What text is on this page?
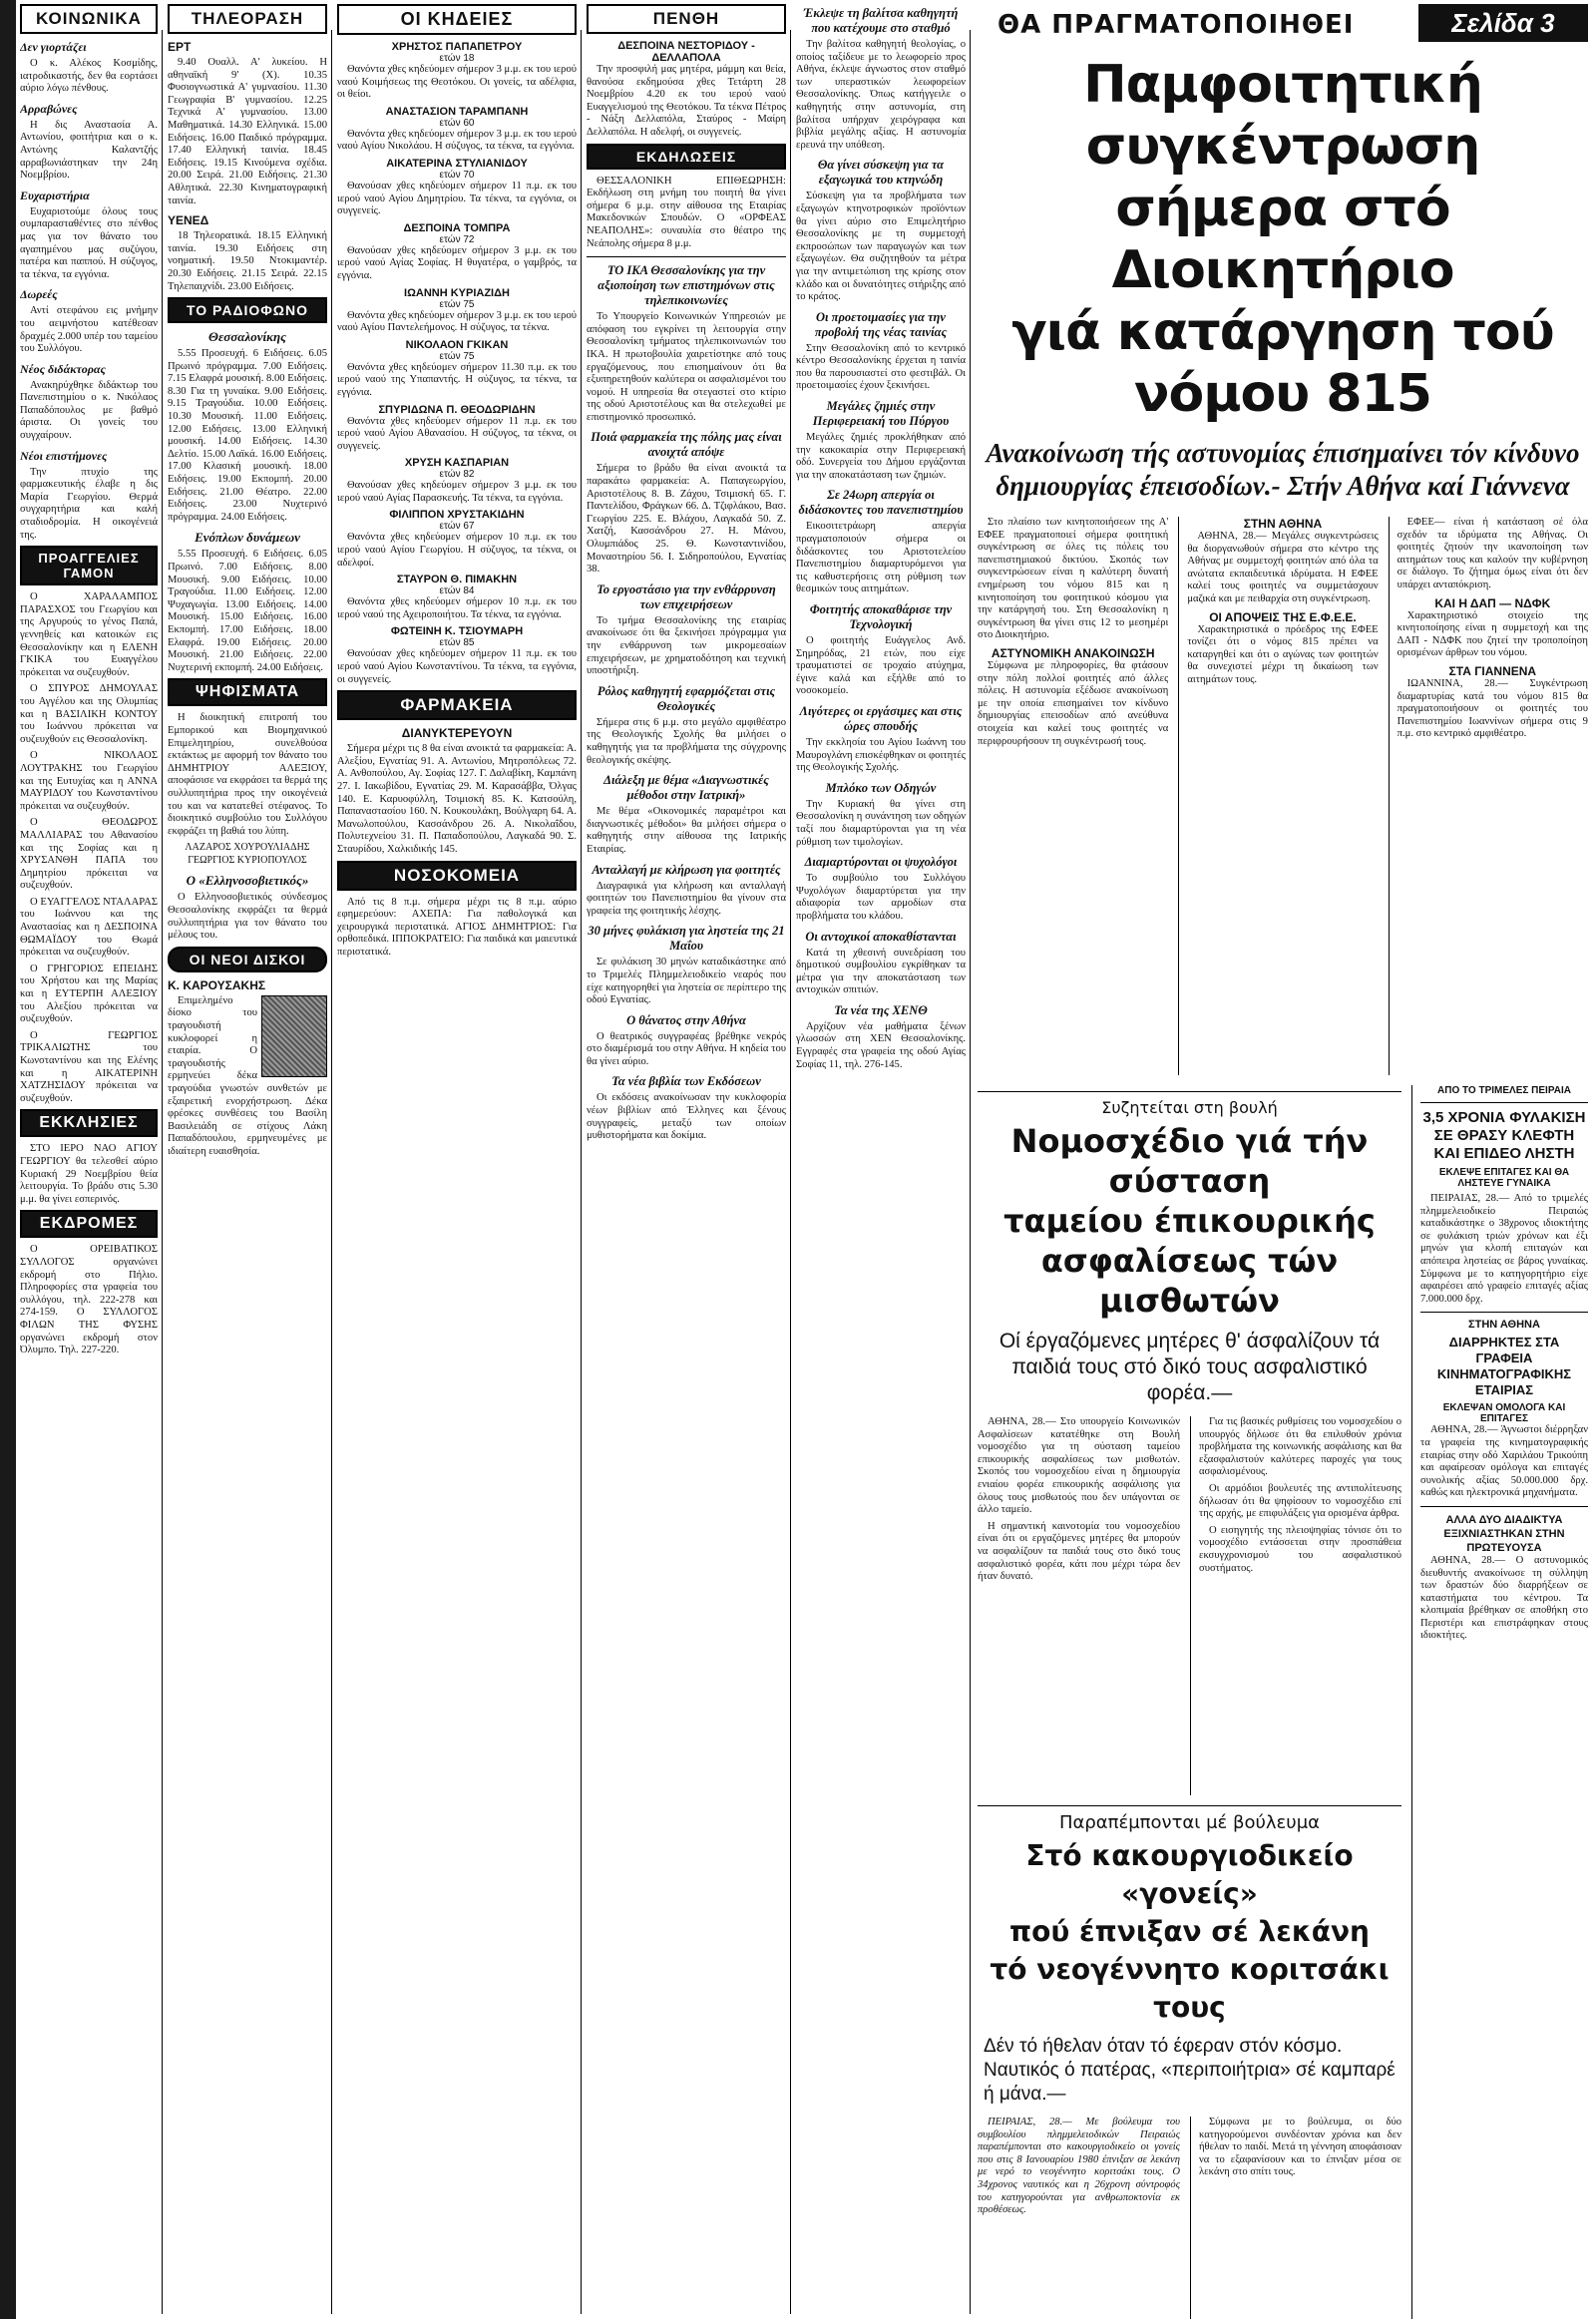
ΚΟΙΝΩΝΙΚΑ
Δεν γιορτάζει

Ο κ. Αλέκος Κοσμίδης, ιατροδικαστής, δεν θα εορτάσει αύριο λόγω πένθους.

Αρραβώνες

Η δις Αναστασία Α. Αντωνίου, φοιτήτρια και ο κ. Αντώνης Καλαντζής αρραβωνιάστηκαν την 24η Νοεμβρίου.

Ευχαριστήρια

Ευχαριστούμε όλους τους συμπαρασταθέντες στο πένθος μας για τον θάνατο του αγαπημένου μας συζύγου, πατέρα και παππού. Η σύζυγος, τα τέκνα, τα εγγόνια.

Δωρεές

Αντί στεφάνου εις μνήμην του αειμνήστου κατέθεσαν δραχμές 2.000 υπέρ του ταμείου του Συλλόγου.

Νέος διδάκτορας

Ανακηρύχθηκε διδάκτωρ του Πανεπιστημίου ο κ. Νικόλαος Παπαδόπουλος με βαθμό άριστα. Οι γονείς του συγχαίρουν.

Νέοι επιστήμονες

Την πτυχίο της φαρμακευτικής έλαβε η δις Μαρία Γεωργίου. Θερμά συγχαρητήρια και καλή σταδιοδρομία. Η οικογένειά της.

ΠΡΟΑΓΓΕΛΙΕΣ ΓΑΜΟΝ

Ο ΧΑΡΑΛΑΜΠΟΣ ΠΑΡΑΣΧΟΣ του Γεωργίου και της Αργυρούς το γένος Παπά, γεννηθείς και κατοικών εις Θεσσαλονίκην και η ΕΛΕΝΗ ΓΚΙΚΑ του Ευαγγέλου πρόκειται να συζευχθούν.

Ο ΣΠΥΡΟΣ ΔΗΜΟΥΛΑΣ του Αγγέλου και της Ολυμπίας και η ΒΑΣΙΛΙΚΗ ΚΟΝΤΟΥ του Ιωάννου πρόκειται να συζευχθούν εις Θεσσαλονίκη.

Ο ΝΙΚΟΛΑΟΣ ΛΟΥΤΡΑΚΗΣ του Γεωργίου και της Ευτυχίας και η ΑΝΝΑ ΜΑΥΡΙΔΟΥ του Κωνσταντίνου πρόκειται να συζευχθούν.

Ο ΘΕΟΔΩΡΟΣ ΜΑΛΛΙΑΡΑΣ του Αθανασίου και της Σοφίας και η ΧΡΥΣΑΝΘΗ ΠΑΠΑ του Δημητρίου πρόκειται να συζευχθούν.

Ο ΕΥΑΓΓΕΛΟΣ ΝΤΑΛΑΡΑΣ του Ιωάννου και της Αναστασίας και η ΔΕΣΠΟΙΝΑ ΘΩΜΑΪΔΟΥ του Θωμά πρόκειται να συζευχθούν.

Ο ΓΡΗΓΟΡΙΟΣ ΕΠΕΙΔΗΣ του Χρήστου και της Μαρίας και η ΕΥΤΕΡΠΗ ΑΛΕΞΙΟΥ του Αλεξίου πρόκειται να συζευχθούν.

Ο ΓΕΩΡΓΙΟΣ ΤΡΙΚΑΛΙΩΤΗΣ του Κωνσταντίνου και της Ελένης και η ΑΙΚΑΤΕΡΙΝΗ ΧΑΤΖΗΣΙΔΟΥ πρόκειται να συζευχθούν.

ΕΚΚΛΗΣΙΕΣ

ΣΤΟ ΙΕΡΟ ΝΑΟ ΑΓΙΟΥ ΓΕΩΡΓΙΟΥ θα τελεσθεί αύριο Κυριακή 29 Νοεμβρίου θεία λειτουργία. Το βράδυ στις 5.30 μ.μ. θα γίνει εσπερινός.

ΕΚΔΡΟΜΕΣ

Ο ΟΡΕΙΒΑΤΙΚΟΣ ΣΥΛΛΟΓΟΣ οργανώνει εκδρομή στο Πήλιο. Πληροφορίες στα γραφεία του συλλόγου, τηλ. 222-278 και 274-159. Ο ΣΥΛΛΟΓΟΣ ΦΙΛΩΝ ΤΗΣ ΦΥΣΗΣ οργανώνει εκδρομή στον Όλυμπο. Τηλ. 227-220.

ΤΗΛΕΟΡΑΣΗ
ΕΡΤ

9.40 Ουαλλ. Α' λυκείου. Η αθηναϊκή 9' (Χ). 10.35 Φυσιογνωστικά Α' γυμνασίου. 11.30 Γεωγραφία Β' γυμνασίου. 12.25 Τεχνικά Α' γυμνασίου. 13.00 Μαθηματικά. 14.30 Ελληνικά. 15.00 Ειδήσεις. 16.00 Παιδικό πρόγραμμα. 17.40 Ελληνική ταινία. 18.45 Ειδήσεις. 19.15 Κινούμενα σχέδια. 20.00 Σειρά. 21.00 Ειδήσεις. 21.30 Αθλητικά. 22.30 Κινηματογραφική ταινία.

ΥΕΝΕΔ

18 Τηλεορατικά. 18.15 Ελληνική ταινία. 19.30 Ειδήσεις στη νοηματική. 19.50 Ντοκιμαντέρ. 20.30 Ειδήσεις. 21.15 Σειρά. 22.15 Τηλεπαιχνίδι. 23.00 Ειδήσεις.

ΤΟ ΡΑΔΙΟΦΩΝΟ
Θεσσαλονίκης

5.55 Προσευχή. 6 Ειδήσεις. 6.05 Πρωινό πρόγραμμα. 7.00 Ειδήσεις. 7.15 Ελαφρά μουσική. 8.00 Ειδήσεις. 8.30 Για τη γυναίκα. 9.00 Ειδήσεις. 9.15 Τραγούδια. 10.00 Ειδήσεις. 10.30 Μουσική. 11.00 Ειδήσεις. 12.00 Ειδήσεις. 13.00 Ελληνική μουσική. 14.00 Ειδήσεις. 14.30 Δελτίο. 15.00 Λαϊκά. 16.00 Ειδήσεις. 17.00 Κλασική μουσική. 18.00 Ειδήσεις. 19.00 Εκπομπή. 20.00 Ειδήσεις. 21.00 Θέατρο. 22.00 Ειδήσεις. 23.00 Νυχτερινό πρόγραμμα. 24.00 Ειδήσεις.

Ενόπλων δυνάμεων

5.55 Προσευχή. 6 Ειδήσεις. 6.05 Πρωινό. 7.00 Ειδήσεις. 8.00 Μουσική. 9.00 Ειδήσεις. 10.00 Τραγούδια. 11.00 Ειδήσεις. 12.00 Ψυχαγωγία. 13.00 Ειδήσεις. 14.00 Μουσική. 15.00 Ειδήσεις. 16.00 Εκπομπή. 17.00 Ειδήσεις. 18.00 Ελαφρά. 19.00 Ειδήσεις. 20.00 Μουσική. 21.00 Ειδήσεις. 22.00 Νυχτερινή εκπομπή. 24.00 Ειδήσεις.

ΨΗΦΙΣΜΑΤΑ

Η διοικητική επιτροπή του Εμπορικού και Βιομηχανικού Επιμελητηρίου, συνελθούσα εκτάκτως με αφορμή τον θάνατο του ΔΗΜΗΤΡΙΟΥ ΑΛΕΞΙΟΥ, αποφάσισε να εκφράσει τα θερμά της συλλυπητήρια προς την οικογένειά του και να κατατεθεί στέφανος. Το διοικητικό συμβούλιο του Συλλόγου εκφράζει τη βαθιά του λύπη.

ΛΑΖΑΡΟΣ ΧΟΥΡΟΥΛΙΑΔΗΣ ΓΕΩΡΓΙΟΣ ΚΥΡΙΟΠΟΥΛΟΣ

Ο «Ελληνοσοβιετικός»

Ο Ελληνοσοβιετικός σύνδεσμος Θεσσαλονίκης εκφράζει τα θερμά συλλυπητήρια για τον θάνατο του μέλους του.

ΟΙ ΝΕΟΙ ΔΙΣΚΟΙ
Κ. ΚΑΡΟΥΣΑΚΗΣ

Επιμελημένο δίσκο του τραγουδιστή κυκλοφορεί η εταιρία. Ο τραγουδιστής ερμηνεύει δέκα τραγούδια γνωστών συνθετών με εξαιρετική ενορχήστρωση. Δέκα φρέσκες συνθέσεις του Βασίλη Βασιλειάδη σε στίχους Λάκη Παπαδόπουλου, ερμηνευμένες με ιδιαίτερη ευαισθησία.

ΟΙ ΚΗΔΕΙΕΣ
ΧΡΗΣΤΟΣ ΠΑΠΑΠΕΤΡΟΥ
ετών 18

Θανόντα χθες κηδεύομεν σήμερον 3 μ.μ. εκ του ιερού ναού Κοιμήσεως της Θεοτόκου. Οι γονείς, τα αδέλφια, οι θείοι.

ΑΝΑΣΤΑΣΙΟΝ ΤΑΡΑΜΠΑΝΗ
ετών 60

Θανόντα χθες κηδεύομεν σήμερον 3 μ.μ. εκ του ιερού ναού Αγίου Νικολάου. Η σύζυγος, τα τέκνα, τα εγγόνια.

ΑΙΚΑΤΕΡΙΝΑ ΣΤΥΛΙΑΝΙΔΟΥ
ετών 70

Θανούσαν χθες κηδεύομεν σήμερον 11 π.μ. εκ του ιερού ναού Αγίου Δημητρίου. Τα τέκνα, τα εγγόνια, οι συγγενείς.

ΔΕΣΠΟΙΝΑ ΤΟΜΠΡΑ
ετών 72

Θανούσαν χθες κηδεύομεν σήμερον 3 μ.μ. εκ του ιερού ναού Αγίας Σοφίας. Η θυγατέρα, ο γαμβρός, τα εγγόνια.

ΙΩΑΝΝΗ ΚΥΡΙΑΖΙΔΗ
ετών 75

Θανόντα χθες κηδεύομεν σήμερον 3 μ.μ. εκ του ιερού ναού Αγίου Παντελεήμονος. Η σύζυγος, τα τέκνα.

ΝΙΚΟΛΑΟΝ ΓΚΙΚΑΝ
ετών 75

Θανόντα χθες κηδεύομεν σήμερον 11.30 π.μ. εκ του ιερού ναού της Υπαπαντής. Η σύζυγος, τα τέκνα, τα εγγόνια.

ΣΠΥΡΙΔΩΝΑ Π. ΘΕΟΔΩΡΙΔΗΝ

Θανόντα χθες κηδεύομεν σήμερον 11 π.μ. εκ του ιερού ναού Αγίου Αθανασίου. Η σύζυγος, τα τέκνα, οι συγγενείς.

ΧΡΥΣΗ ΚΑΣΠΑΡΙΑΝ
ετών 82

Θανούσαν χθες κηδεύομεν σήμερον 3 μ.μ. εκ του ιερού ναού Αγίας Παρασκευής. Τα τέκνα, τα εγγόνια.

ΦΙΛΙΠΠΟΝ ΧΡΥΣΤΑΚΙΔΗΝ
ετών 67

Θανόντα χθες κηδεύομεν σήμερον 10 π.μ. εκ του ιερού ναού Αγίου Γεωργίου. Η σύζυγος, τα τέκνα, οι αδελφοί.

ΣΤΑΥΡΟΝ Θ. ΠΙΜΑΚΗΝ
ετών 84

Θανόντα χθες κηδεύομεν σήμερον 10 π.μ. εκ του ιερού ναού της Αχειροποιήτου. Τα τέκνα, τα εγγόνια.

ΦΩΤΕΙΝΗ Κ. ΤΣΙΟΥΜΑΡΗ
ετών 85

Θανούσαν χθες κηδεύομεν σήμερον 11 π.μ. εκ του ιερού ναού Αγίου Κωνσταντίνου. Τα τέκνα, τα εγγόνια, οι συγγενείς.

ΦΑΡΜΑΚΕΙΑ
ΔΙΑΝΥΚΤΕΡΕΥΟΥΝ

Σήμερα μέχρι τις 8 θα είναι ανοικτά τα φαρμακεία: Α. Αλεξίου, Εγνατίας 91. Α. Αντωνίου, Μητροπόλεως 72. Α. Ανθοπούλου, Αγ. Σοφίας 127. Γ. Δαλαβίκη, Καμπάνη 27. Ι. Ιακωβίδου, Εγνατίας 29. Μ. Καρασάββα, Όλγας 140. Ε. Καρυοφύλλη, Τσιμισκή 85. Κ. Κατσούλη, Παπαναστασίου 160. Ν. Κουκουλάκη, Βούλγαρη 64. Α. Μανωλοπούλου, Κασσάνδρου 26. Α. Νικολαΐδου, Πολυτεχνείου 31. Π. Παπαδοπούλου, Λαγκαδά 90. Σ. Σταυρίδου, Χαλκιδικής 145.

ΝΟΣΟΚΟΜΕΙΑ

Από τις 8 π.μ. σήμερα μέχρι τις 8 π.μ. αύριο εφημερεύουν: ΑΧΕΠΑ: Για παθολογικά και χειρουργικά περιστατικά. ΑΓΙΟΣ ΔΗΜΗΤΡΙΟΣ: Για ορθοπεδικά. ΙΠΠΟΚΡΑΤΕΙΟ: Για παιδικά και μαιευτικά περιστατικά.

ΠΕΝΘΗ
ΔΕΣΠΟΙΝΑ ΝΕΣΤΟΡΙΔΟΥ - ΔΕΛΛΑΠΟΛΑ

Την προσφιλή μας μητέρα, μάμμη και θεία, θανούσα εκδημούσα χθες Τετάρτη 28 Νοεμβρίου 4.20 εκ του ιερού ναού Ευαγγελισμού της Θεοτόκου. Τα τέκνα Πέτρος - Νάξη Δελλαπόλα, Σταύρος - Μαίρη Δελλαπόλα. Η αδελφή, οι συγγενείς.

ΕΚΔΗΛΩΣΕΙΣ

ΘΕΣΣΑΛΟΝΙΚΗ ΕΠΙΘΕΩΡΗΣΗ: Εκδήλωση στη μνήμη του ποιητή θα γίνει σήμερα 6 μ.μ. στην αίθουσα της Εταιρίας Μακεδονικών Σπουδών. Ο «ΟΡΦΕΑΣ ΝΕΑΠΟΛΗΣ»: συναυλία στο θέατρο της Νεάπολης σήμερα 8 μ.μ.

ΤΟ ΙΚΑ Θεσσαλονίκης για την αξιοποίηση των επιστημόνων στις τηλεπικοινωνίες

Το Υπουργείο Κοινωνικών Υπηρεσιών με απόφαση του εγκρίνει τη λειτουργία στην Θεσσαλονίκη τμήματος τηλεπικοινωνιών του ΙΚΑ. Η πρωτοβουλία χαιρετίστηκε από τους εργαζόμενους, που επισημαίνουν ότι θα εξυπηρετηθούν καλύτερα οι ασφαλισμένοι του νομού. Η υπηρεσία θα στεγαστεί στο κτίριο της οδού Αριστοτέλους και θα στελεχωθεί με επιστημονικό προσωπικό.

Ποιά φαρμακεία της πόλης μας είναι ανοιχτά απόψε

Σήμερα το βράδυ θα είναι ανοικτά τα παρακάτω φαρμακεία: Α. Παπαγεωργίου, Αριστοτέλους 8. Β. Ζάχου, Τσιμισκή 65. Γ. Παντελίδου, Φράγκων 66. Δ. Τζιφλάκου, Βασ. Γεωργίου 225. Ε. Βλάχου, Λαγκαδά 50. Ζ. Χατζή, Κασσάνδρου 27. Η. Μάνου, Ολυμπιάδος 25. Θ. Κωνσταντινίδου, Μοναστηρίου 56. Ι. Σιδηροπούλου, Εγνατίας 38.

Το εργοστάσιο για την ενθάρρυνση των επιχειρήσεων

Το τμήμα Θεσσαλονίκης της εταιρίας ανακοίνωσε ότι θα ξεκινήσει πρόγραμμα για την ενθάρρυνση των μικρομεσαίων επιχειρήσεων, με χρηματοδότηση και τεχνική υποστήριξη.

Ρόλος καθηγητή εφαρμόζεται στις Θεολογικές

Σήμερα στις 6 μ.μ. στο μεγάλο αμφιθέατρο της Θεολογικής Σχολής θα μιλήσει ο καθηγητής για τα προβλήματα της σύγχρονης θεολογικής σκέψης.

Διάλεξη με θέμα «Διαγνωστικές μέθοδοι στην Ιατρική»

Με θέμα «Οικονομικές παραμέτροι και διαγνωστικές μέθοδοι» θα μιλήσει σήμερα ο καθηγητής στην αίθουσα της Ιατρικής Εταιρίας.

Ανταλλαγή με κλήρωση για φοιτητές

Διαγραφικά για κλήρωση και ανταλλαγή φοιτητών του Πανεπιστημίου θα γίνουν στα γραφεία της φοιτητικής λέσχης.

30 μήνες φυλάκιση για ληστεία της 21 Μαΐου

Σε φυλάκιση 30 μηνών καταδικάστηκε από το Τριμελές Πλημμελειοδικείο νεαρός που είχε κατηγορηθεί για ληστεία σε περίπτερο της οδού Εγνατίας.

Ο θάνατος στην Αθήνα

Ο θεατρικός συγγραφέας βρέθηκε νεκρός στο διαμέρισμά του στην Αθήνα. Η κηδεία του θα γίνει αύριο.

Τα νέα βιβλία των Εκδόσεων

Οι εκδόσεις ανακοίνωσαν την κυκλοφορία νέων βιβλίων από Έλληνες και ξένους συγγραφείς, μεταξύ των οποίων μυθιστορήματα και δοκίμια.

Έκλεψε τη βαλίτσα καθηγητή που κατέχουμε στο σταθμό

Την βαλίτσα καθηγητή θεολογίας, ο οποίος ταξίδευε με το λεωφορείο προς Αθήνα, έκλεψε άγνωστος στον σταθμό των υπεραστικών λεωφορείων Θεσσαλονίκης. Όπως κατήγγειλε ο καθηγητής στην αστυνομία, στη βαλίτσα υπήρχαν χειρόγραφα και βιβλία μεγάλης αξίας. Η αστυνομία ερευνά την υπόθεση.

Θα γίνει σύσκεψη για τα εξαγωγικά του κτηνώδη

Σύσκεψη για τα προβλήματα των εξαγωγών κτηνοτροφικών προϊόντων θα γίνει αύριο στο Επιμελητήριο Θεσσαλονίκης με τη συμμετοχή εκπροσώπων των παραγωγών και των εξαγωγέων. Θα συζητηθούν τα μέτρα για την αντιμετώπιση της κρίσης στον κλάδο και οι δυνατότητες στήριξης από το κράτος.

Οι προετοιμασίες για την προβολή της νέας ταινίας

Στην Θεσσαλονίκη από το κεντρικό κέντρο Θεσσαλονίκης έρχεται η ταινία που θα παρουσιαστεί στο φεστιβάλ. Οι προετοιμασίες έχουν ξεκινήσει.

Μεγάλες ζημιές στην Περιφερειακή του Πύργου

Μεγάλες ζημιές προκλήθηκαν από την κακοκαιρία στην Περιφερειακή οδό. Συνεργεία του Δήμου εργάζονται για την αποκατάσταση των ζημιών.

Σε 24ωρη απεργία οι διδάσκοντες του πανεπιστημίου

Εικοσιτετράωρη απεργία πραγματοποιούν σήμερα οι διδάσκοντες του Αριστοτελείου Πανεπιστημίου διαμαρτυρόμενοι για τις καθυστερήσεις στη ρύθμιση των θεσμικών τους αιτημάτων.

Φοιτητής αποκαθάρισε την Τεχνολογική

Ο φοιτητής Ευάγγελος Ανδ. Σημηρόδας, 21 ετών, που είχε τραυματιστεί σε τροχαίο ατύχημα, έγινε καλά και εξήλθε από το νοσοκομείο.

Λιγότερες οι εργάσιμες και στις ώρες σπουδής

Την εκκλησία του Αγίου Ιωάννη του Μαυρογλάνη επισκέφθηκαν οι φοιτητές της Θεολογικής Σχολής.

Μπλόκο των Οδηγών

Την Κυριακή θα γίνει στη Θεσσαλονίκη η συνάντηση των οδηγών ταξί που διαμαρτύρονται για τη νέα ρύθμιση των τιμολογίων.

Διαμαρτύρονται οι ψυχολόγοι

Το συμβούλιο του Συλλόγου Ψυχολόγων διαμαρτύρεται για την αδιαφορία των αρμοδίων στα προβλήματα του κλάδου.

Οι αντοχικοί αποκαθίστανται

Κατά τη χθεσινή συνεδρίαση του δημοτικού συμβουλίου εγκρίθηκαν τα μέτρα για την αποκατάσταση των αντοχικών σπιτιών.

Τα νέα της ΧΕΝΘ

Αρχίζουν νέα μαθήματα ξένων γλωσσών στη ΧΕΝ Θεσσαλονίκης. Εγγραφές στα γραφεία της οδού Αγίας Σοφίας 11, τηλ. 276-145.

ΘΑ ΠΡΑΓΜΑΤΟΠΟΙΗΘΕΙ	Σελίδα 3
Παμφοιτητική συγκέντρωση
σήμερα στό Διοικητήριο
γιά κατάργηση τού νόμου 815
Ανακοίνωση τής αστυνομίας έπισημαίνει τόν κίνδυνο δημιουργίας έπεισοδίων.- Στήν Αθήνα καί Γιάννενα

Στο πλαίσιο των κινητοποιήσεων της Α' ΕΦΕΕ πραγματοποιεί σήμερα φοιτητική συγκέντρωση σε όλες τις πόλεις του πανεπιστημιακού δικτύου. Σκοπός των συγκεντρώσεων είναι η καλύτερη δυνατή ενημέρωση του νόμου 815 και η κινητοποίηση του φοιτητικού κόσμου για την κατάργησή του. Στη Θεσσαλονίκη η συγκέντρωση θα γίνει στις 12 το μεσημέρι στο Διοικητήριο.

ΑΣΤΥΝΟΜΙΚΗ ΑΝΑΚΟΙΝΩΣΗ

Σύμφωνα με πληροφορίες, θα φτάσουν στην πόλη πολλοί φοιτητές από άλλες πόλεις. Η αστυνομία εξέδωσε ανακοίνωση με την οποία επισημαίνει τον κίνδυνο δημιουργίας επεισοδίων από ανεύθυνα στοιχεία και καλεί τους φοιτητές να περιφρουρήσουν τη συγκέντρωσή τους.

ΣΤΗΝ ΑΘΗΝΑ

ΑΘΗΝΑ, 28.— Μεγάλες συγκεντρώσεις θα διοργανωθούν σήμερα στο κέντρο της Αθήνας με συμμετοχή φοιτητών από όλα τα ανώτατα εκπαιδευτικά ιδρύματα. Η ΕΦΕΕ καλεί τους φοιτητές να συμμετάσχουν μαζικά και με πειθαρχία στη συγκέντρωση.

ΟΙ ΑΠΟΨΕΙΣ ΤΗΣ Ε.Φ.Ε.Ε.

Χαρακτηριστικά ο πρόεδρος της ΕΦΕΕ τονίζει ότι ο νόμος 815 πρέπει να καταργηθεί και ότι ο αγώνας των φοιτητών θα συνεχιστεί μέχρι τη δικαίωση των αιτημάτων τους.

ΕΦΕΕ— είναι ή κατάσταση σέ όλα σχεδόν τα ιδρύματα της Αθήνας. Οι φοιτητές ζητούν την ικανοποίηση των αιτημάτων τους και καλούν την κυβέρνηση σε διάλογο. Το ζήτημα όμως είναι ότι δεν υπάρχει ανταπόκριση.

ΚΑΙ Η ΔΑΠ — ΝΔΦΚ

Χαρακτηριστικό στοιχείο της κινητοποίησης είναι η συμμετοχή και της ΔΑΠ - ΝΔΦΚ που ζητεί την τροποποίηση ορισμένων άρθρων του νόμου.

ΣΤΑ ΓΙΑΝΝΕΝΑ

ΙΩΑΝΝΙΝΑ, 28.— Συγκέντρωση διαμαρτυρίας κατά του νόμου 815 θα πραγματοποιήσουν οι φοιτητές του Πανεπιστημίου Ιωαννίνων σήμερα στις 9 π.μ. στο κεντρικό αμφιθέατρο.

Συζητείται στη βουλή
Νομοσχέδιο γιά τήν σύσταση
ταμείου έπικουρικής
ασφαλίσεως τών μισθωτών
Οί έργαζόμενες μητέρες θ' άσφαλίζουν τά παιδιά τους στό δικό τους ασφαλιστικό φορέα.—

ΑΘΗΝΑ, 28.— Στο υπουργείο Κοινωνικών Ασφαλίσεων κατατέθηκε στη Βουλή νομοσχέδιο για τη σύσταση ταμείου επικουρικής ασφαλίσεως των μισθωτών. Σκοπός του νομοσχεδίου είναι η δημιουργία ενιαίου φορέα επικουρικής ασφάλισης για όλους τους μισθωτούς που δεν υπάγονται σε άλλο ταμείο.

Η σημαντική καινοτομία του νομοσχεδίου είναι ότι οι εργαζόμενες μητέρες θα μπορούν να ασφαλίζουν τα παιδιά τους στο δικό τους ασφαλιστικό φορέα, κάτι που μέχρι τώρα δεν ήταν δυνατό.

Για τις βασικές ρυθμίσεις του νομοσχεδίου ο υπουργός δήλωσε ότι θα επιλυθούν χρόνια προβλήματα της κοινωνικής ασφάλισης και θα εξασφαλιστούν καλύτερες παροχές για τους ασφαλισμένους.

Οι αρμόδιοι βουλευτές της αντιπολίτευσης δήλωσαν ότι θα ψηφίσουν το νομοσχέδιο επί της αρχής, με επιφυλάξεις για ορισμένα άρθρα.

Ο εισηγητής της πλειοψηφίας τόνισε ότι το νομοσχέδιο εντάσσεται στην προσπάθεια εκσυγχρονισμού του ασφαλιστικού συστήματος.

Παραπέμπονται μέ βούλευμα
Στό κακουργιοδικείο «γονείς»
πού έπνιξαν σέ λεκάνη
τό νεογέννητο κοριτσάκι τους
Δέν τό ήθελαν όταν τό έφεραν στόν κόσμο. Ναυτικός ό πατέρας, «περιποιήτρια» σέ καμπαρέ ή μάνα.—

ΠΕΙΡΑΙΑΣ, 28.— Με βούλευμα του συμβουλίου πλημμελειοδικών Πειραιώς παραπέμπονται στο κακουργιοδικείο οι γονείς που στις 8 Ιανουαρίου 1980 έπνιξαν σε λεκάνη με νερό το νεογέννητο κοριτσάκι τους. Ο 34χρονος ναυτικός και η 26χρονη σύντροφός του κατηγορούνται για ανθρωποκτονία εκ προθέσεως.

Σύμφωνα με το βούλευμα, οι δύο κατηγορούμενοι συνδέονταν χρόνια και δεν ήθελαν το παιδί. Μετά τη γέννηση αποφάσισαν να το εξαφανίσουν και το έπνιξαν μέσα σε λεκάνη στο σπίτι τους.

ΑΠΟ ΤΟ ΤΡΙΜΕΛΕΣ ΠΕΙΡΑΙΑ
3,5 ΧΡΟΝΙΑ ΦΥΛΑΚΙΣΗ ΣΕ ΘΡΑΣΥ ΚΛΕΦΤΗ ΚΑΙ ΕΠΙΔΕΟ ΛΗΣΤΗ
ΕΚΛΕΨΕ ΕΠΙΤΑΓΕΣ ΚΑΙ ΘΑ ΛΗΣΤΕΥΕ ΓΥΝΑΙΚΑ

ΠΕΙΡΑΙΑΣ, 28.— Από το τριμελές πλημμελειοδικείο Πειραιώς καταδικάστηκε ο 38χρονος ιδιοκτήτης σε φυλάκιση τριών χρόνων και έξι μηνών για κλοπή επιταγών και απόπειρα ληστείας σε βάρος γυναίκας. Σύμφωνα με το κατηγορητήριο είχε αφαιρέσει από γραφείο επιταγές αξίας 7.000.000 δρχ.

ΣΤΗΝ ΑΘΗΝΑ
ΔΙΑΡΡΗΚΤΕΣ ΣΤΑ ΓΡΑΦΕΙΑ ΚΙΝΗΜΑΤΟΓΡΑΦΙΚΗΣ ΕΤΑΙΡΙΑΣ
ΕΚΛΕΨΑΝ ΟΜΟΛΟΓΑ ΚΑΙ ΕΠΙΤΑΓΕΣ

ΑΘΗΝΑ, 28.— Άγνωστοι διέρρηξαν τα γραφεία της κινηματογραφικής εταιρίας στην οδό Χαριλάου Τρικούπη και αφαίρεσαν ομόλογα και επιταγές συνολικής αξίας 50.000.000 δρχ. καθώς και ηλεκτρονικά μηχανήματα.

ΑΛΛΑ ΔΥΟ ΔΙΑΔΙΚΤΥΑ ΕΞΙΧΝΙΑΣΤΗΚΑΝ ΣΤΗΝ ΠΡΩΤΕΥΟΥΣΑ

ΑΘΗΝΑ, 28.— Ο αστυνομικός διευθυντής ανακοίνωσε τη σύλληψη των δραστών δύο διαρρήξεων σε καταστήματα του κέντρου. Τα κλοπιμαία βρέθηκαν σε αποθήκη στο Περιστέρι και επιστράφηκαν στους ιδιοκτήτες.
